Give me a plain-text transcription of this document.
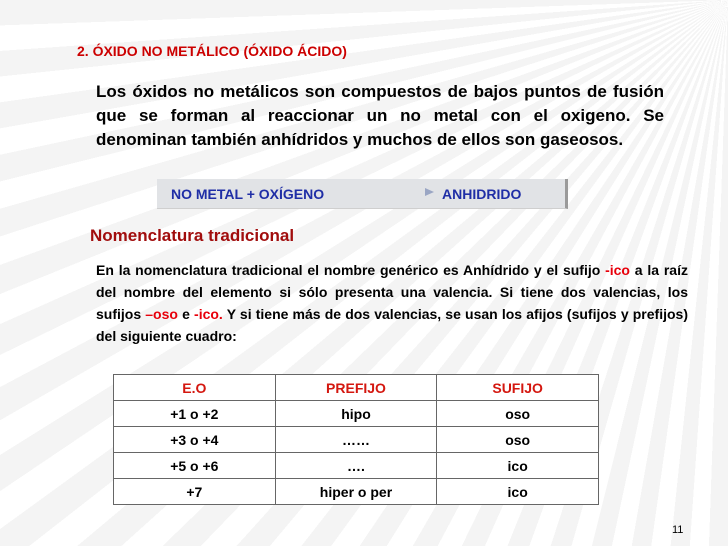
2. ÓXIDO NO METÁLICO (ÓXIDO ÁCIDO)
Los óxidos no metálicos son compuestos de bajos puntos de fusión que se forman al reaccionar un no metal con el oxigeno. Se denominan también anhídridos y muchos de ellos son gaseosos.
NO METAL + OXÍGENO	ANHIDRIDO
Nomenclatura tradicional
En la nomenclatura tradicional el nombre genérico es Anhídrido y el sufijo -ico a la raíz del nombre del elemento si sólo presenta una valencia. Si tiene dos valencias, los sufijos –oso e -ico. Y si tiene más de dos valencias, se usan los afijos (sufijos y prefijos) del siguiente cuadro:
E.O	PREFIJO	SUFIJO
+1 o +2	hipo	oso
+3 o +4	……	oso
+5 o +6	….	ico
+7	hiper o per	ico
11
